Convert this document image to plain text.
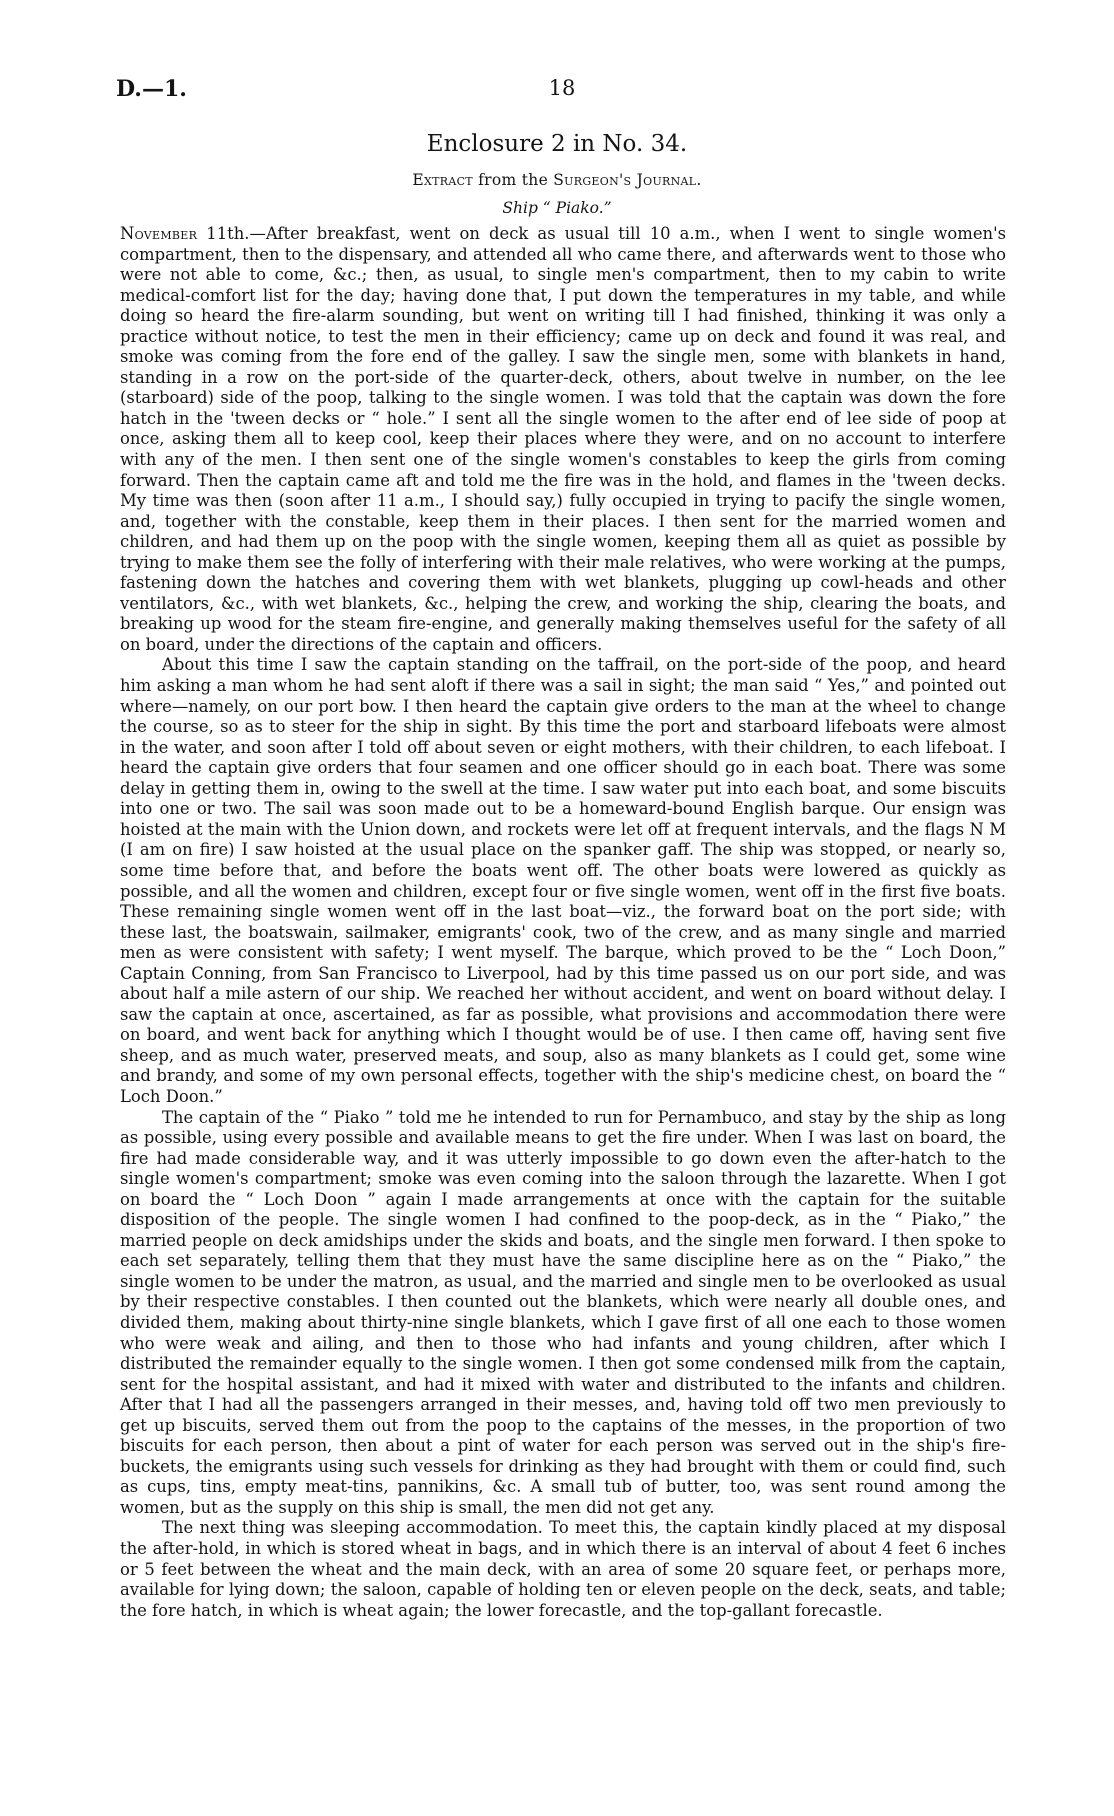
D.—1.	18
Enclosure 2 in No. 34.
Extract from the Surgeon's Journal.
Ship “ Piako.”

November 11th.—After breakfast, went on deck as usual till 10 a.m., when I went to single women's compartment, then to the dispensary, and attended all who came there, and afterwards went to those who were not able to come, &c.; then, as usual, to single men's compartment, then to my cabin to write medical-comfort list for the day; having done that, I put down the temperatures in my table, and while doing so heard the fire-alarm sounding, but went on writing till I had finished, thinking it was only a practice without notice, to test the men in their efficiency; came up on deck and found it was real, and smoke was coming from the fore end of the galley. I saw the single men, some with blankets in hand, standing in a row on the port-side of the quarter-deck, others, about twelve in number, on the lee (starboard) side of the poop, talking to the single women. I was told that the captain was down the fore hatch in the 'tween decks or “ hole.” I sent all the single women to the after end of lee side of poop at once, asking them all to keep cool, keep their places where they were, and on no account to interfere with any of the men. I then sent one of the single women's constables to keep the girls from coming forward. Then the captain came aft and told me the fire was in the hold, and flames in the 'tween decks. My time was then (soon after 11 a.m., I should say,) fully occupied in trying to pacify the single women, and, together with the constable, keep them in their places. I then sent for the married women and children, and had them up on the poop with the single women, keeping them all as quiet as possible by trying to make them see the folly of interfering with their male relatives, who were working at the pumps, fastening down the hatches and covering them with wet blankets, plugging up cowl-heads and other ventilators, &c., with wet blankets, &c., helping the crew, and working the ship, clearing the boats, and breaking up wood for the steam fire-engine, and generally making themselves useful for the safety of all on board, under the directions of the captain and officers.

About this time I saw the captain standing on the taffrail, on the port-side of the poop, and heard him asking a man whom he had sent aloft if there was a sail in sight; the man said “ Yes,” and pointed out where—namely, on our port bow. I then heard the captain give orders to the man at the wheel to change the course, so as to steer for the ship in sight. By this time the port and starboard lifeboats were almost in the water, and soon after I told off about seven or eight mothers, with their children, to each lifeboat. I heard the captain give orders that four seamen and one officer should go in each boat. There was some delay in getting them in, owing to the swell at the time. I saw water put into each boat, and some biscuits into one or two. The sail was soon made out to be a homeward-bound English barque. Our ensign was hoisted at the main with the Union down, and rockets were let off at frequent intervals, and the flags N M (I am on fire) I saw hoisted at the usual place on the spanker gaff. The ship was stopped, or nearly so, some time before that, and before the boats went off. The other boats were lowered as quickly as possible, and all the women and children, except four or five single women, went off in the first five boats. These remaining single women went off in the last boat—viz., the forward boat on the port side; with these last, the boatswain, sailmaker, emigrants' cook, two of the crew, and as many single and married men as were consistent with safety; I went myself. The barque, which proved to be the “ Loch Doon,” Captain Conning, from San Francisco to Liverpool, had by this time passed us on our port side, and was about half a mile astern of our ship. We reached her without accident, and went on board without delay. I saw the captain at once, ascertained, as far as possible, what provisions and accommodation there were on board, and went back for anything which I thought would be of use. I then came off, having sent five sheep, and as much water, preserved meats, and soup, also as many blankets as I could get, some wine and brandy, and some of my own personal effects, together with the ship's medicine chest, on board the “ Loch Doon.”

The captain of the “ Piako ” told me he intended to run for Pernambuco, and stay by the ship as long as possible, using every possible and available means to get the fire under. When I was last on board, the fire had made considerable way, and it was utterly impossible to go down even the after-hatch to the single women's compartment; smoke was even coming into the saloon through the lazarette. When I got on board the “ Loch Doon ” again I made arrangements at once with the captain for the suitable disposition of the people. The single women I had confined to the poop-deck, as in the “ Piako,” the married people on deck amidships under the skids and boats, and the single men forward. I then spoke to each set separately, telling them that they must have the same discipline here as on the “ Piako,” the single women to be under the matron, as usual, and the married and single men to be overlooked as usual by their respective constables. I then counted out the blankets, which were nearly all double ones, and divided them, making about thirty-nine single blankets, which I gave first of all one each to those women who were weak and ailing, and then to those who had infants and young children, after which I distributed the remainder equally to the single women. I then got some condensed milk from the captain, sent for the hospital assistant, and had it mixed with water and distributed to the infants and children. After that I had all the passengers arranged in their messes, and, having told off two men previously to get up biscuits, served them out from the poop to the captains of the messes, in the proportion of two biscuits for each person, then about a pint of water for each person was served out in the ship's fire-buckets, the emigrants using such vessels for drinking as they had brought with them or could find, such as cups, tins, empty meat-tins, pannikins, &c. A small tub of butter, too, was sent round among the women, but as the supply on this ship is small, the men did not get any.

The next thing was sleeping accommodation. To meet this, the captain kindly placed at my disposal the after-hold, in which is stored wheat in bags, and in which there is an interval of about 4 feet 6 inches or 5 feet between the wheat and the main deck, with an area of some 20 square feet, or perhaps more, available for lying down; the saloon, capable of holding ten or eleven people on the deck, seats, and table; the fore hatch, in which is wheat again; the lower forecastle, and the top-gallant forecastle.
